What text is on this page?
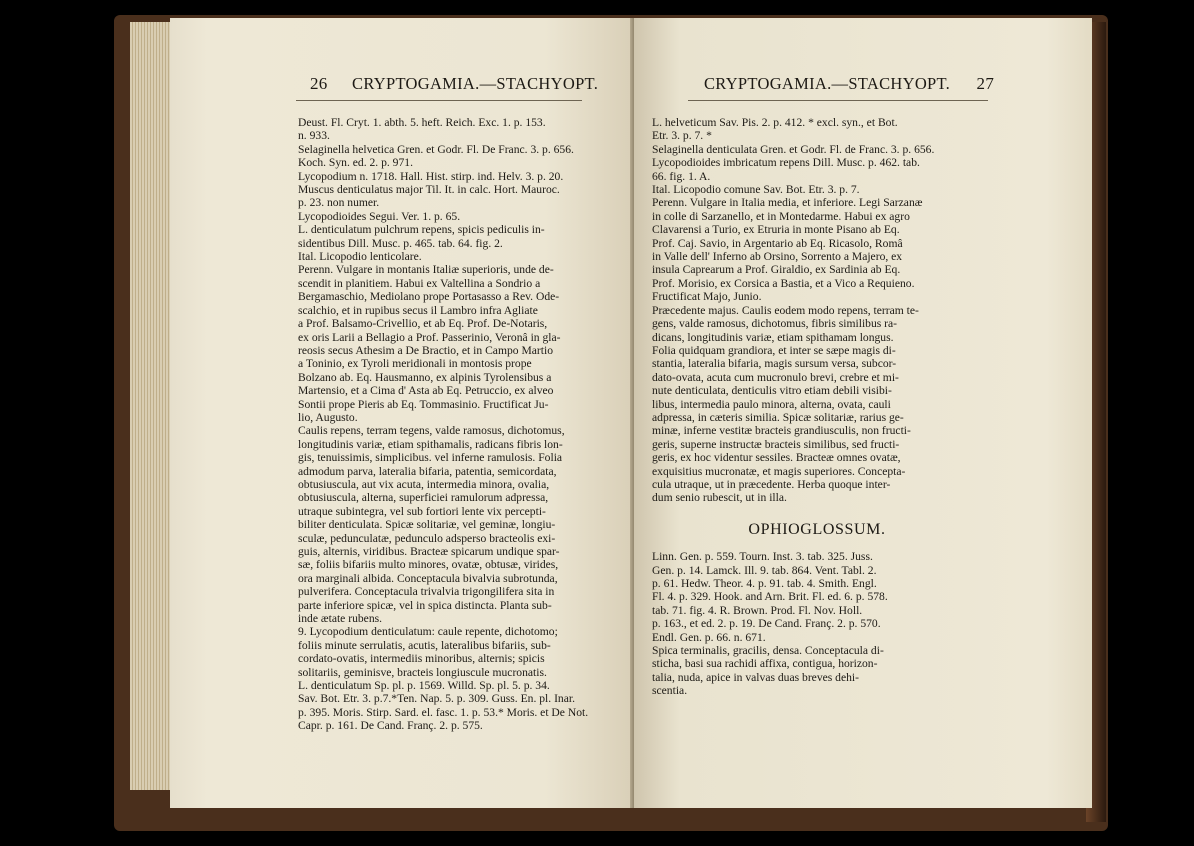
26 CRYPTOGAMIA.—STACHYOPT.

Deust. Fl. Cryt. 1. abth. 5. heft. Reich. Exc. 1. p. 153.

n. 933.

Selaginella helvetica Gren. et Godr. Fl. De Franc. 3. p. 656.

Koch. Syn. ed. 2. p. 971.

Lycopodium n. 1718. Hall. Hist. stirp. ind. Helv. 3. p. 20.

Muscus denticulatus major Til. It. in calc. Hort. Mauroc.

p. 23. non numer.

Lycopodioides Segui. Ver. 1. p. 65.

L. denticulatum pulchrum repens, spicis pediculis in-

sidentibus Dill. Musc. p. 465. tab. 64. fig. 2.

Ital. Licopodio lenticolare.

Perenn. Vulgare in montanis Italiæ superioris, unde de-

scendit in planitiem. Habui ex Valtellina a Sondrio a

Bergamaschio, Mediolano prope Portasasso a Rev. Ode-

scalchio, et in rupibus secus il Lambro infra Agliate

a Prof. Balsamo-Crivellio, et ab Eq. Prof. De-Notaris,

ex oris Larii a Bellagio a Prof. Passerinio, Veronâ in gla-

reosis secus Athesim a De Bractio, et in Campo Martio

a Toninio, ex Tyroli meridionali in montosis prope

Bolzano ab. Eq. Hausmanno, ex alpinis Tyrolensibus a

Martensio, et a Cima d' Asta ab Eq. Petruccio, ex alveo

Sontii prope Pieris ab Eq. Tommasinio. Fructificat Ju-

lio, Augusto.

Caulis repens, terram tegens, valde ramosus, dichotomus,

longitudinis variæ, etiam spithamalis, radicans fibris lon-

gis, tenuissimis, simplicibus. vel inferne ramulosis. Folia

admodum parva, lateralia bifaria, patentia, semicordata,

obtusiuscula, aut vix acuta, intermedia minora, ovalia,

obtusiuscula, alterna, superficiei ramulorum adpressa,

utraque subintegra, vel sub fortiori lente vix percepti-

biliter denticulata. Spicæ solitariæ, vel geminæ, longiu-

sculæ, pedunculatæ, pedunculo adsperso bracteolis exi-

guis, alternis, viridibus. Bracteæ spicarum undique spar-

sæ, foliis bifariis multo minores, ovatæ, obtusæ, virides,

ora marginali albida. Conceptacula bivalvia subrotunda,

pulverifera. Conceptacula trivalvia trigongilifera sita in

parte inferiore spicæ, vel in spica distincta. Planta sub-

inde ætate rubens.

9. Lycopodium denticulatum: caule repente, dichotomo;

foliis minute serrulatis, acutis, lateralibus bifariis, sub-

cordato-ovatis, intermediis minoribus, alternis; spicis

solitariis, geminisve, bracteis longiuscule mucronatis.

L. denticulatum Sp. pl. p. 1569. Willd. Sp. pl. 5. p. 34.

Sav. Bot. Etr. 3. p.7.*Ten. Nap. 5. p. 309. Guss. En. pl. Inar.

p. 395. Moris. Stirp. Sard. el. fasc. 1. p. 53.* Moris. et De Not.

Capr. p. 161. De Cand. Franç. 2. p. 575.

CRYPTOGAMIA.—STACHYOPT. 27

L. helveticum Sav. Pis. 2. p. 412. * excl. syn., et Bot.

Etr. 3. p. 7. *

Selaginella denticulata Gren. et Godr. Fl. de Franc. 3. p. 656.

Lycopodioides imbricatum repens Dill. Musc. p. 462. tab.

66. fig. 1. A.

Ital. Licopodio comune Sav. Bot. Etr. 3. p. 7.

Perenn. Vulgare in Italia media, et inferiore. Legi Sarzanæ

in colle di Sarzanello, et in Montedarme. Habui ex agro

Clavarensi a Turio, ex Etruria in monte Pisano ab Eq.

Prof. Caj. Savio, in Argentario ab Eq. Ricasolo, Româ

in Valle dell' Inferno ab Orsino, Sorrento a Majero, ex

insula Caprearum a Prof. Giraldio, ex Sardinia ab Eq.

Prof. Morisio, ex Corsica a Bastia, et a Vico a Requieno.

Fructificat Majo, Junio.

Præcedente majus. Caulis eodem modo repens, terram te-

gens, valde ramosus, dichotomus, fibris similibus ra-

dicans, longitudinis variæ, etiam spithamam longus.

Folia quidquam grandiora, et inter se sæpe magis di-

stantia, lateralia bifaria, magis sursum versa, subcor-

dato-ovata, acuta cum mucronulo brevi, crebre et mi-

nute denticulata, denticulis vitro etiam debili visibi-

libus, intermedia paulo minora, alterna, ovata, cauli

adpressa, in cæteris similia. Spicæ solitariæ, rarius ge-

minæ, inferne vestitæ bracteis grandiusculis, non fructi-

geris, superne instructæ bracteis similibus, sed fructi-

geris, ex hoc videntur sessiles. Bracteæ omnes ovatæ,

exquisitius mucronatæ, et magis superiores. Concepta-

cula utraque, ut in præcedente. Herba quoque inter-

dum senio rubescit, ut in illa.

OPHIOGLOSSUM.

Linn. Gen. p. 559. Tourn. Inst. 3. tab. 325. Juss.

Gen. p. 14. Lamck. Ill. 9. tab. 864. Vent. Tabl. 2.

p. 61. Hedw. Theor. 4. p. 91. tab. 4. Smith. Engl.

Fl. 4. p. 329. Hook. and Arn. Brit. Fl. ed. 6. p. 578.

tab. 71. fig. 4. R. Brown. Prod. Fl. Nov. Holl.

p. 163., et ed. 2. p. 19. De Cand. Franç. 2. p. 570.

Endl. Gen. p. 66. n. 671.

Spica terminalis, gracilis, densa. Conceptacula di-

sticha, basi sua rachidi affixa, contigua, horizon-

talia, nuda, apice in valvas duas breves dehi-

scentia.
